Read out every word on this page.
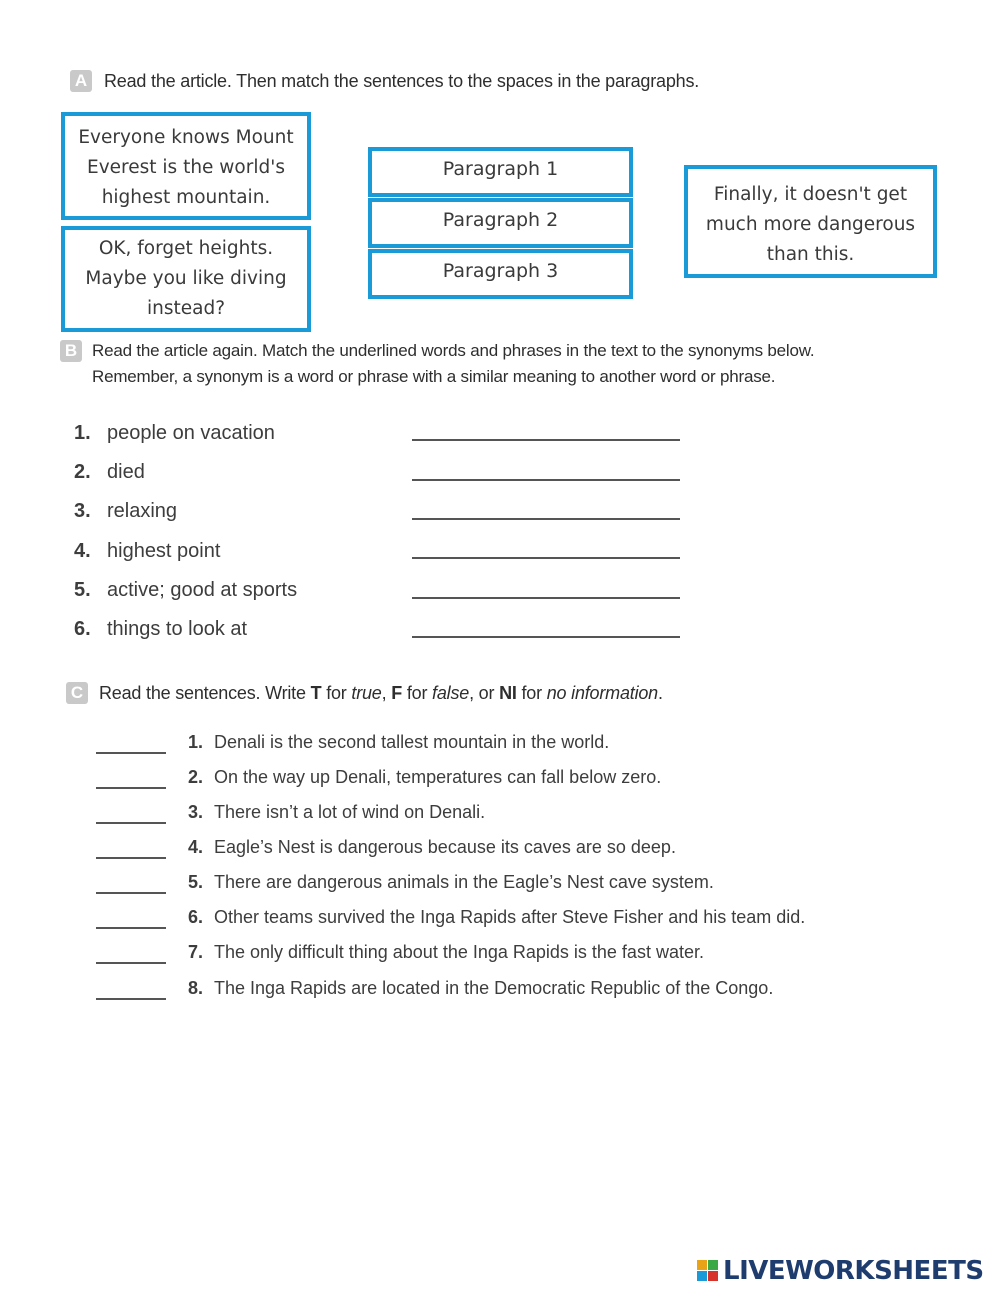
A Read the article. Then match the sentences to the spaces in the paragraphs.
Everyone knows Mount
Everest is the world's
highest mountain.
OK, forget heights.
Maybe you like diving
instead?
Finally, it doesn't get
much more dangerous
than this.
Paragraph 1
Paragraph 2
Paragraph 3
B Read the article again. Match the underlined words and phrases in the text to the synonyms below.
Remember, a synonym is a word or phrase with a similar meaning to another word or phrase.
1. people on vacation
2. died
3. relaxing
4. highest point
5. active; good at sports
6. things to look at
C Read the sentences. Write T for true, F for false, or NI for no information.
1. Denali is the second tallest mountain in the world.
2. On the way up Denali, temperatures can fall below zero.
3. There isn’t a lot of wind on Denali.
4. Eagle’s Nest is dangerous because its caves are so deep.
5. There are dangerous animals in the Eagle’s Nest cave system.
6. Other teams survived the Inga Rapids after Steve Fisher and his team did.
7. The only difficult thing about the Inga Rapids is the fast water.
8. The Inga Rapids are located in the Democratic Republic of the Congo.
LIVEWORKSHEETS
